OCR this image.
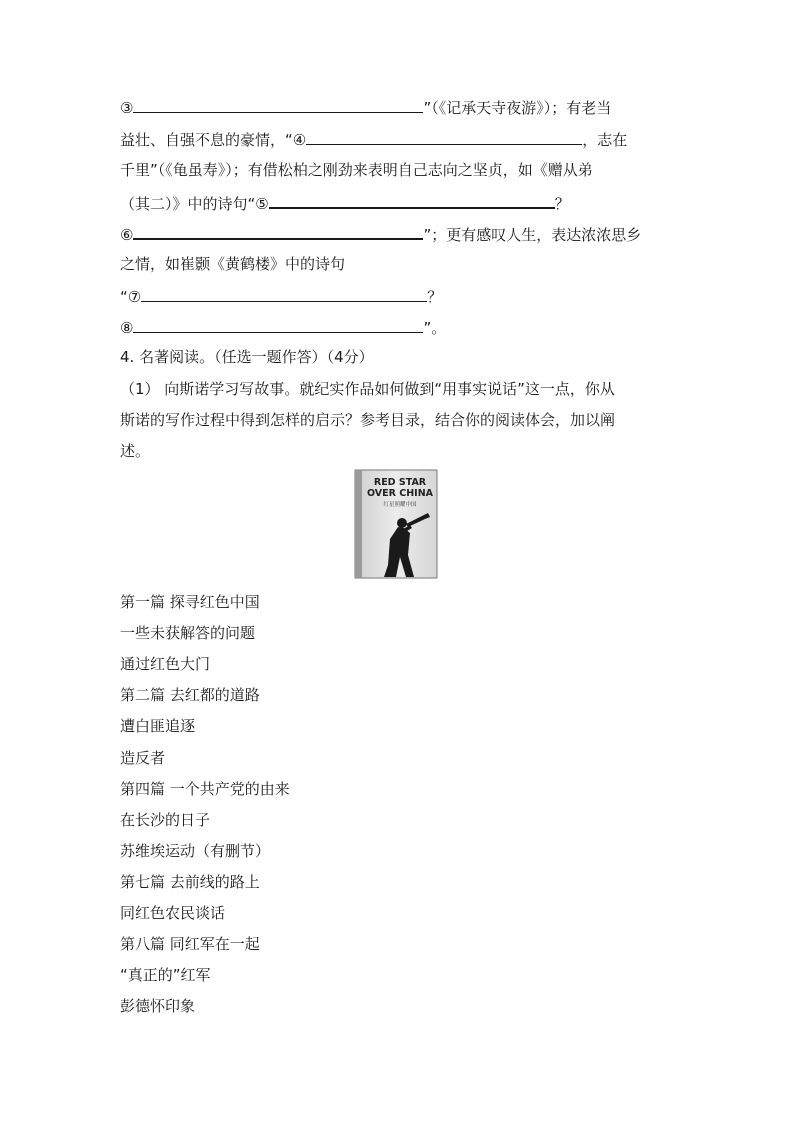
③	”（《记承天寺夜游》）；有老当
益壮、自强不息的豪情，“④	，志在
千里”（《龟虽寿》）；有借松柏之刚劲来表明自己志向之坚贞，如《赠从弟
（其二）》中的诗句“⑤	？
⑥	”；更有感叹人生，表达浓浓思乡
之情，如崔颢《黄鹤楼》中的诗句
“⑦	？
⑧	”。
4. 名著阅读。（任选一题作答）（4分）
（1） 向斯诺学习写故事。就纪实作品如何做到“用事实说话”这一点，你从
斯诺的写作过程中得到怎样的启示？参考目录，结合你的阅读体会，加以阐
述。
RED STAR
OVER CHINA
红星照耀中国
第一篇 探寻红色中国
一些未获解答的问题
通过红色大门
第二篇 去红都的道路
遭白匪追逐
造反者
第四篇 一个共产党的由来
在长沙的日子
苏维埃运动（有删节）
第七篇 去前线的路上
同红色农民谈话
第八篇 同红军在一起
“真正的”红军
彭德怀印象
